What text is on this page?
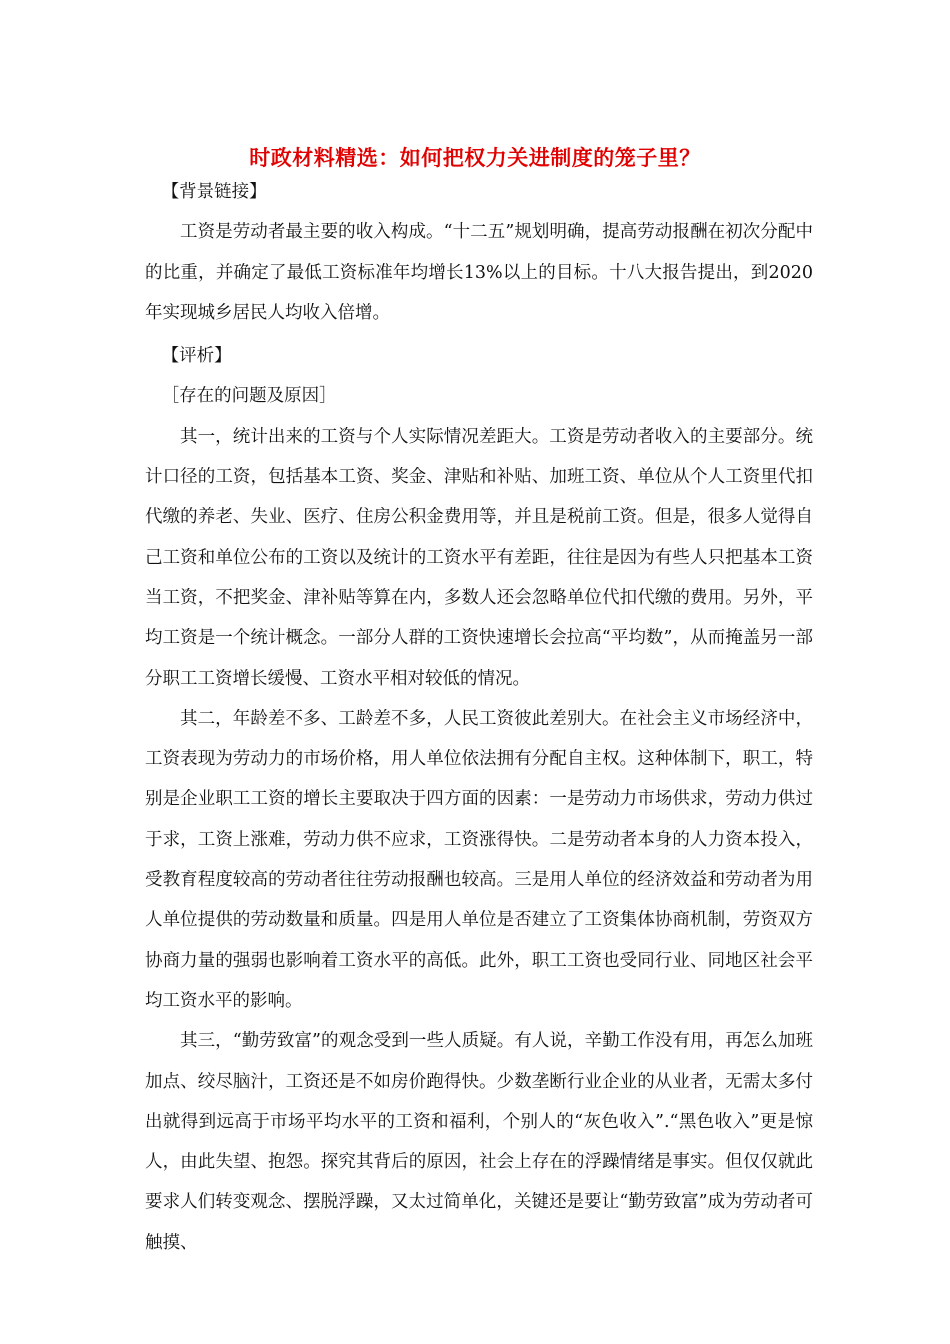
时政材料精选：如何把权力关进制度的笼子里？

【背景链接】

工资是劳动者最主要的收入构成。“十二五”规划明确，提高劳动报酬在初次分配中的比重，并确定了最低工资标准年均增长13%以上的目标。十八大报告提出，到2020年实现城乡居民人均收入倍增。

【评析】

［存在的问题及原因］

其一，统计出来的工资与个人实际情况差距大。工资是劳动者收入的主要部分。统计口径的工资，包括基本工资、奖金、津贴和补贴、加班工资、单位从个人工资里代扣代缴的养老、失业、医疗、住房公积金费用等，并且是税前工资。但是，很多人觉得自己工资和单位公布的工资以及统计的工资水平有差距，往往是因为有些人只把基本工资当工资，不把奖金、津补贴等算在内，多数人还会忽略单位代扣代缴的费用。另外，平均工资是一个统计概念。一部分人群的工资快速增长会拉高“平均数”，从而掩盖另一部分职工工资增长缓慢、工资水平相对较低的情况。

其二，年龄差不多、工龄差不多，人民工资彼此差别大。在社会主义市场经济中，工资表现为劳动力的市场价格，用人单位依法拥有分配自主权。这种体制下，职工，特别是企业职工工资的增长主要取决于四方面的因素：一是劳动力市场供求，劳动力供过于求，工资上涨难，劳动力供不应求，工资涨得快。二是劳动者本身的人力资本投入，受教育程度较高的劳动者往往劳动报酬也较高。三是用人单位的经济效益和劳动者为用人单位提供的劳动数量和质量。四是用人单位是否建立了工资集体协商机制，劳资双方协商力量的强弱也影响着工资水平的高低。此外，职工工资也受同行业、同地区社会平均工资水平的影响。

其三，“勤劳致富”的观念受到一些人质疑。有人说，辛勤工作没有用，再怎么加班加点、绞尽脑汁，工资还是不如房价跑得快。少数垄断行业企业的从业者，无需太多付出就得到远高于市场平均水平的工资和福利，个别人的“灰色收入”.“黑色收入”更是惊人，由此失望、抱怨。探究其背后的原因，社会上存在的浮躁情绪是事实。但仅仅就此要求人们转变观念、摆脱浮躁，又太过简单化，关键还是要让“勤劳致富”成为劳动者可触摸、
